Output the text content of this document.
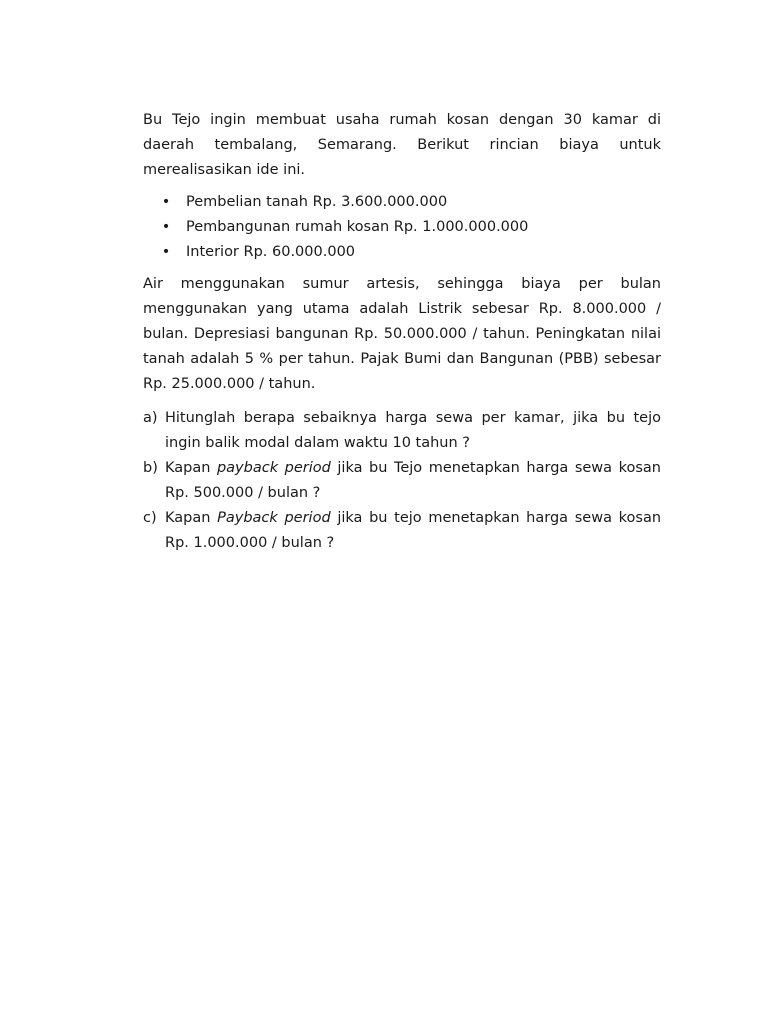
Bu Tejo ingin membuat usaha rumah kosan dengan 30 kamar di daerah tembalang, Semarang. Berikut rincian biaya untuk merealisasikan ide ini.

• Pembelian tanah Rp. 3.600.000.000
• Pembangunan rumah kosan Rp. 1.000.000.000
• Interior Rp. 60.000.000

Air menggunakan sumur artesis, sehingga biaya per bulan menggunakan yang utama adalah Listrik sebesar Rp. 8.000.000 / bulan. Depresiasi bangunan Rp. 50.000.000 / tahun. Peningkatan nilai tanah adalah 5 % per tahun. Pajak Bumi dan Bangunan (PBB) sebesar Rp. 25.000.000 / tahun.

a) Hitunglah berapa sebaiknya harga sewa per kamar, jika bu tejo ingin balik modal dalam waktu 10 tahun ?
b) Kapan payback period jika bu Tejo menetapkan harga sewa kosan Rp. 500.000 / bulan ?
c) Kapan Payback period jika bu tejo menetapkan harga sewa kosan Rp. 1.000.000 / bulan ?
